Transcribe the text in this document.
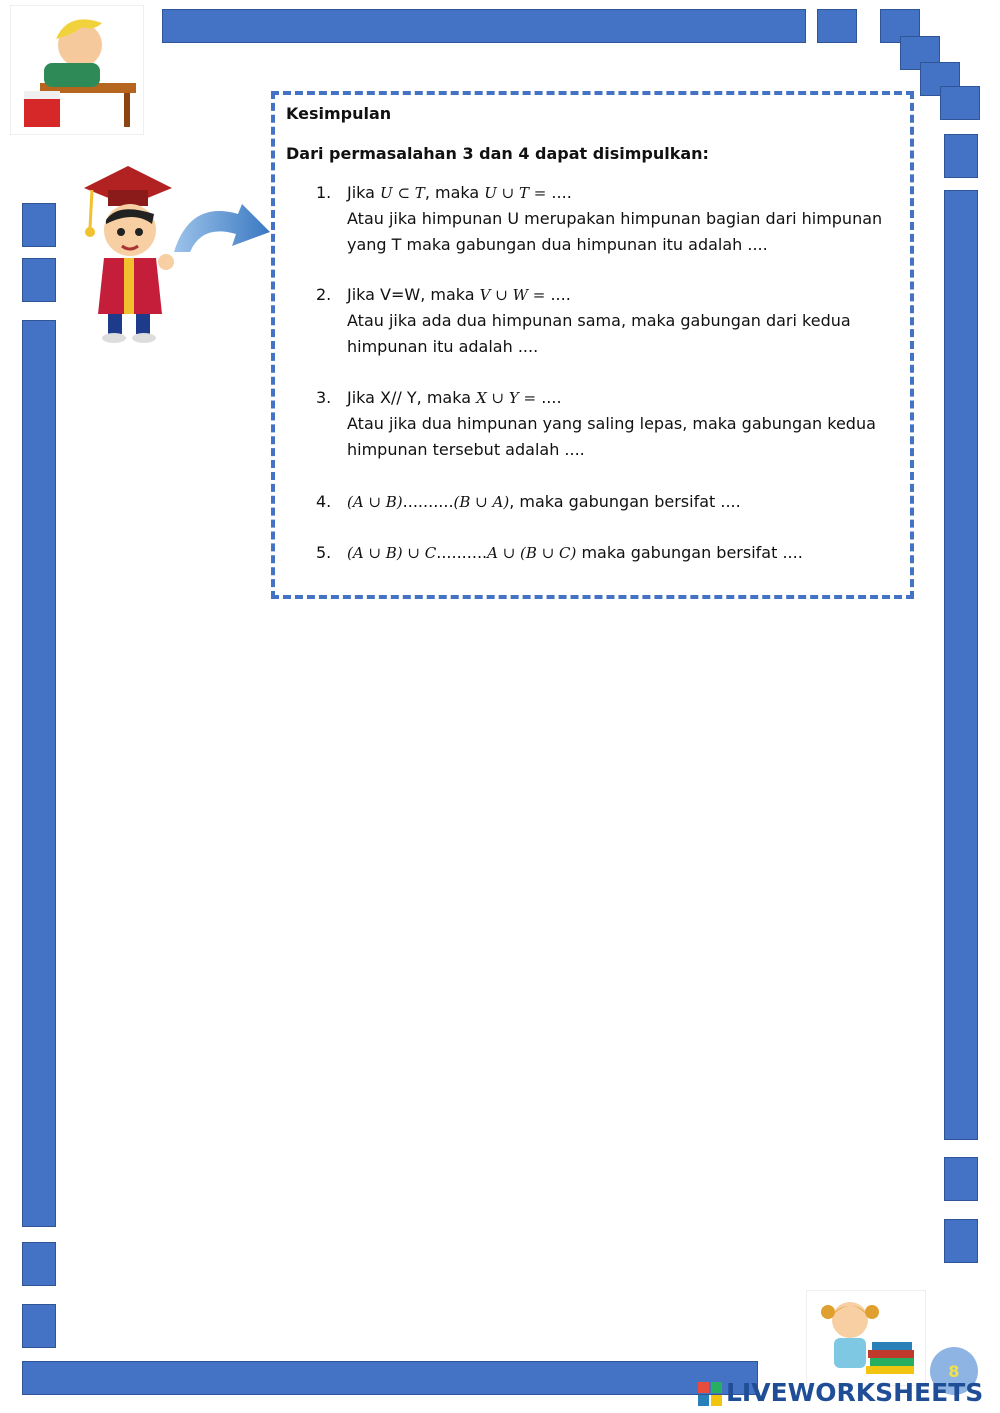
Kesimpulan
Dari permasalahan 3 dan 4 dapat disimpulkan:
1. Jika U ⊂ T, maka U ∪ T = ....
Atau jika himpunan U merupakan himpunan bagian dari himpunan
yang T maka gabungan dua himpunan itu adalah ....
2. Jika V=W, maka V ∪ W = ....
Atau jika ada dua himpunan sama, maka gabungan dari kedua
himpunan itu adalah ....
3. Jika X// Y, maka X ∪ Y = ....
Atau jika dua himpunan yang saling lepas, maka gabungan kedua
himpunan tersebut adalah ....
4.	(A ∪ B)..........(B ∪ A), maka gabungan bersifat ....
5.	(A ∪ B) ∪ C..........A ∪ (B ∪ C) maka gabungan bersifat ....
8
LIVEWORKSHEETS
